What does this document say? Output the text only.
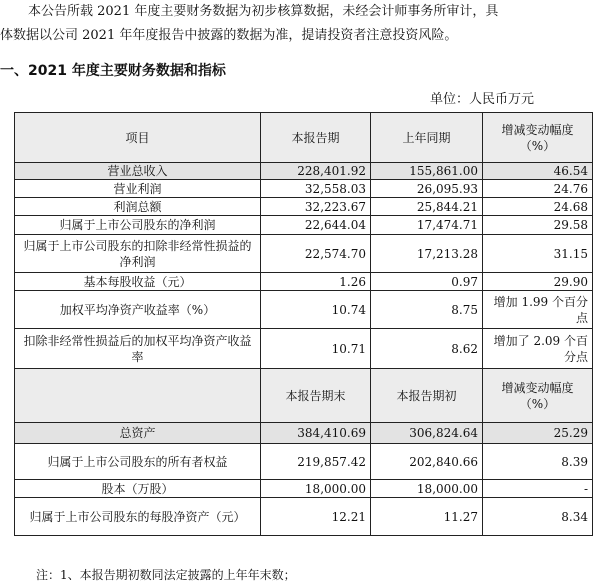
本公告所载 2021 年度主要财务数据为初步核算数据，未经会计师事务所审计，具

体数据以公司 2021 年年度报告中披露的数据为准，提请投资者注意投资风险。

一、2021 年度主要财务数据和指标
单位：人民币万元
项目	本报告期	上年同期	增减变动幅度（%）
营业总收入	228,401.92	155,861.00	46.54
营业利润	32,558.03	26,095.93	24.76
利润总额	32,223.67	25,844.21	24.68
归属于上市公司股东的净利润	22,644.04	17,474.71	29.58
归属于上市公司股东的扣除非经常性损益的净利润	22,574.70	17,213.28	31.15
基本每股收益（元）	1.26	0.97	29.90
加权平均净资产收益率（%）	10.74	8.75	增加 1.99 个百分点
扣除非经常性损益后的加权平均净资产收益率	10.71	8.62	增加了 2.09 个百分点
	本报告期末	本报告期初	增减变动幅度（%）
总资产	384,410.69	306,824.64	25.29
归属于上市公司股东的所有者权益	219,857.42	202,840.66	8.39
股本（万股）	18,000.00	18,000.00	-
归属于上市公司股东的每股净资产（元）	12.21	11.27	8.34
注：1、本报告期初数同法定披露的上年年末数；
